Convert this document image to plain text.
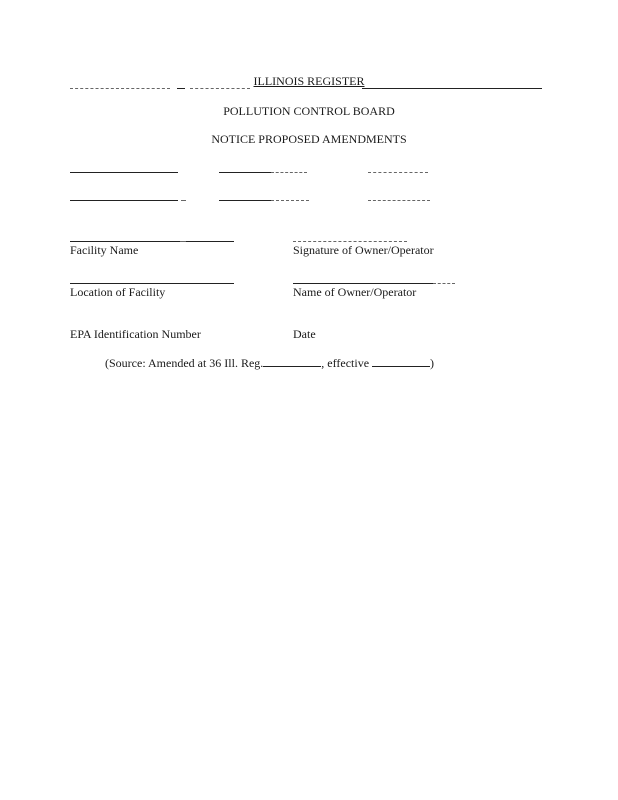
ILLINOIS REGISTER
POLLUTION CONTROL BOARD
NOTICE PROPOSED AMENDMENTS
Facility Name	Signature of Owner/Operator
Location of Facility	Name of Owner/Operator
EPA Identification Number	Date
(Source: Amended at 36 Ill. Reg.	, effective	)
